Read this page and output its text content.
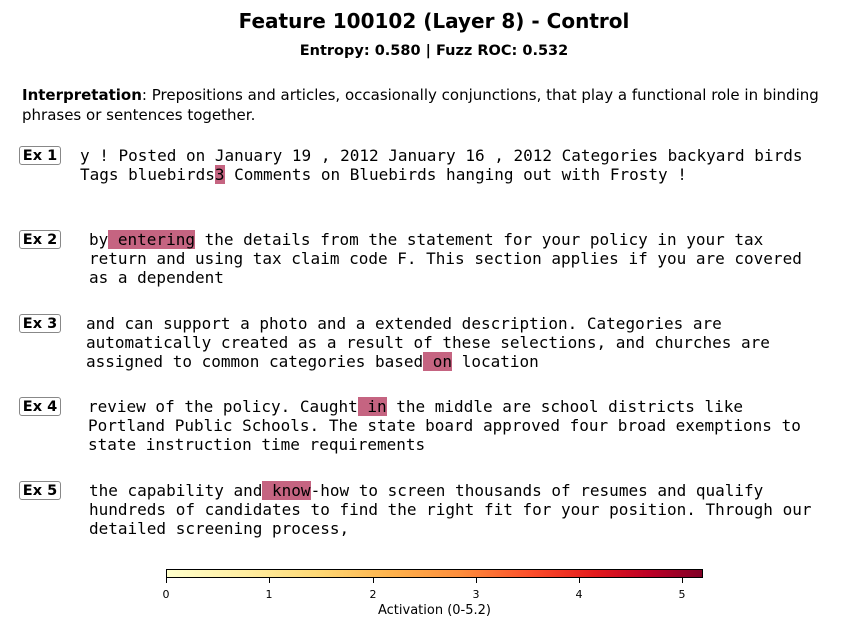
Feature 100102 (Layer 8) - Control
Entropy: 0.580 | Fuzz ROC: 0.532
Interpretation: Prepositions and articles, occasionally conjunctions, that play a functional role in binding phrases or sentences together.
Ex 1 y ! Posted on January 19 , 2012 January 16 , 2012 Categories backyard birds
Tags bluebirds3 Comments on Bluebirds hanging out with Frosty !
Ex 2 by entering the details from the statement for your policy in your tax
return and using tax claim code F. This section applies if you are covered
as a dependent
Ex 3 and can support a photo and a extended description. Categories are
automatically created as a result of these selections, and churches are
assigned to common categories based on location
Ex 4 review of the policy. Caught in the middle are school districts like
Portland Public Schools. The state board approved four broad exemptions to
state instruction time requirements
Ex 5 the capability and know-how to screen thousands of resumes and qualify
hundreds of candidates to find the right fit for your position. Through our
detailed screening process,
0	1	2	3	4	5
Activation (0-5.2)
